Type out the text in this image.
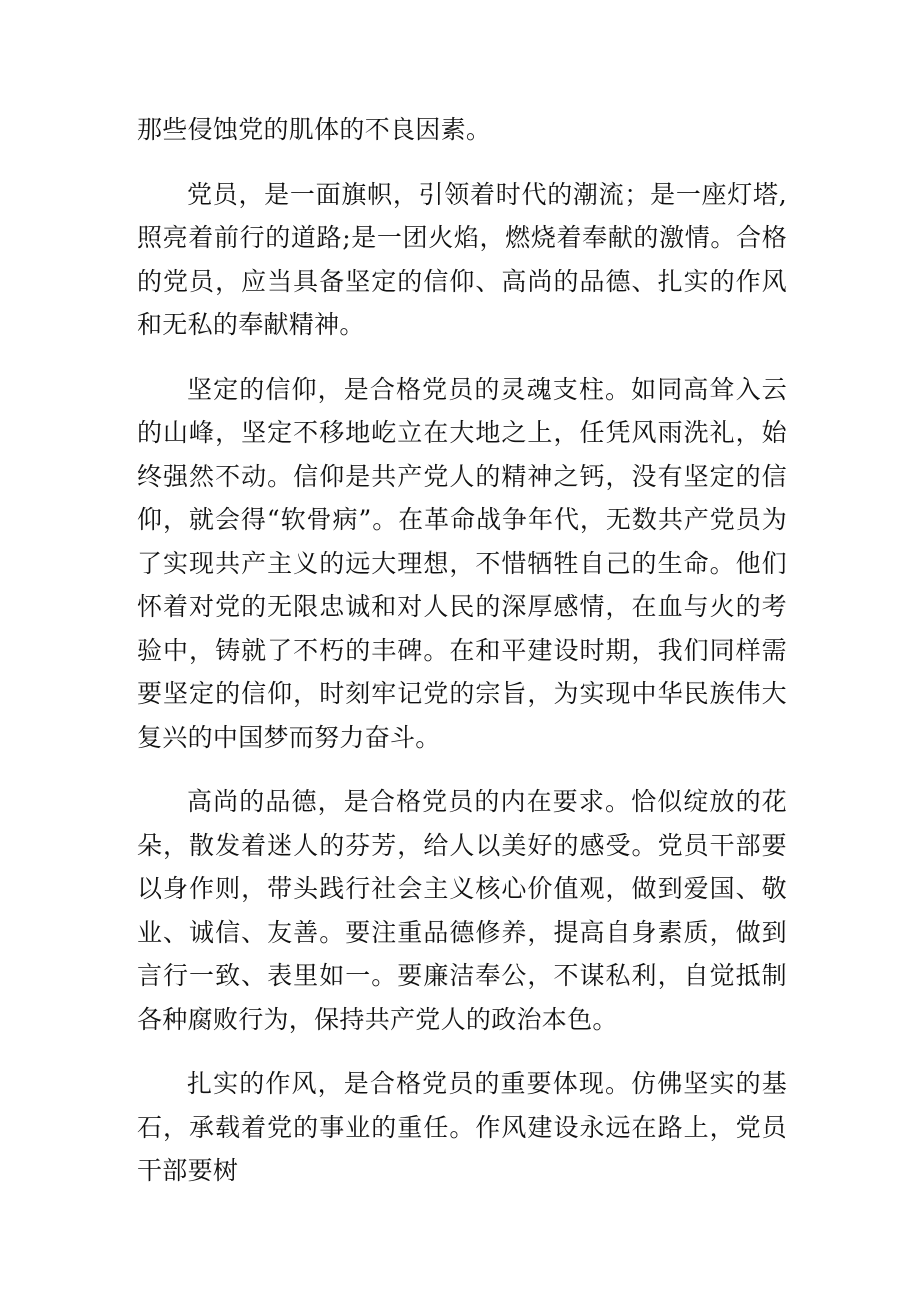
那些侵蚀党的肌体的不良因素。

党员，是一面旗帜，引领着时代的潮流；是一座灯塔,照亮着前行的道路;是一团火焰，燃烧着奉献的激情。合格的党员，应当具备坚定的信仰、高尚的品德、扎实的作风和无私的奉献精神。

坚定的信仰，是合格党员的灵魂支柱。如同高耸入云的山峰，坚定不移地屹立在大地之上，任凭风雨洗礼，始终强然不动。信仰是共产党人的精神之钙，没有坚定的信仰，就会得“软骨病”。在革命战争年代，无数共产党员为了实现共产主义的远大理想，不惜牺牲自己的生命。他们怀着对党的无限忠诚和对人民的深厚感情，在血与火的考验中，铸就了不朽的丰碑。在和平建设时期，我们同样需要坚定的信仰，时刻牢记党的宗旨，为实现中华民族伟大复兴的中国梦而努力奋斗。

高尚的品德，是合格党员的内在要求。恰似绽放的花朵，散发着迷人的芬芳，给人以美好的感受。党员干部要以身作则，带头践行社会主义核心价值观，做到爱国、敬业、诚信、友善。要注重品德修养，提高自身素质，做到言行一致、表里如一。要廉洁奉公，不谋私利，自觉抵制各种腐败行为，保持共产党人的政治本色。

扎实的作风，是合格党员的重要体现。仿佛坚实的基石，承载着党的事业的重任。作风建设永远在路上，党员干部要树
